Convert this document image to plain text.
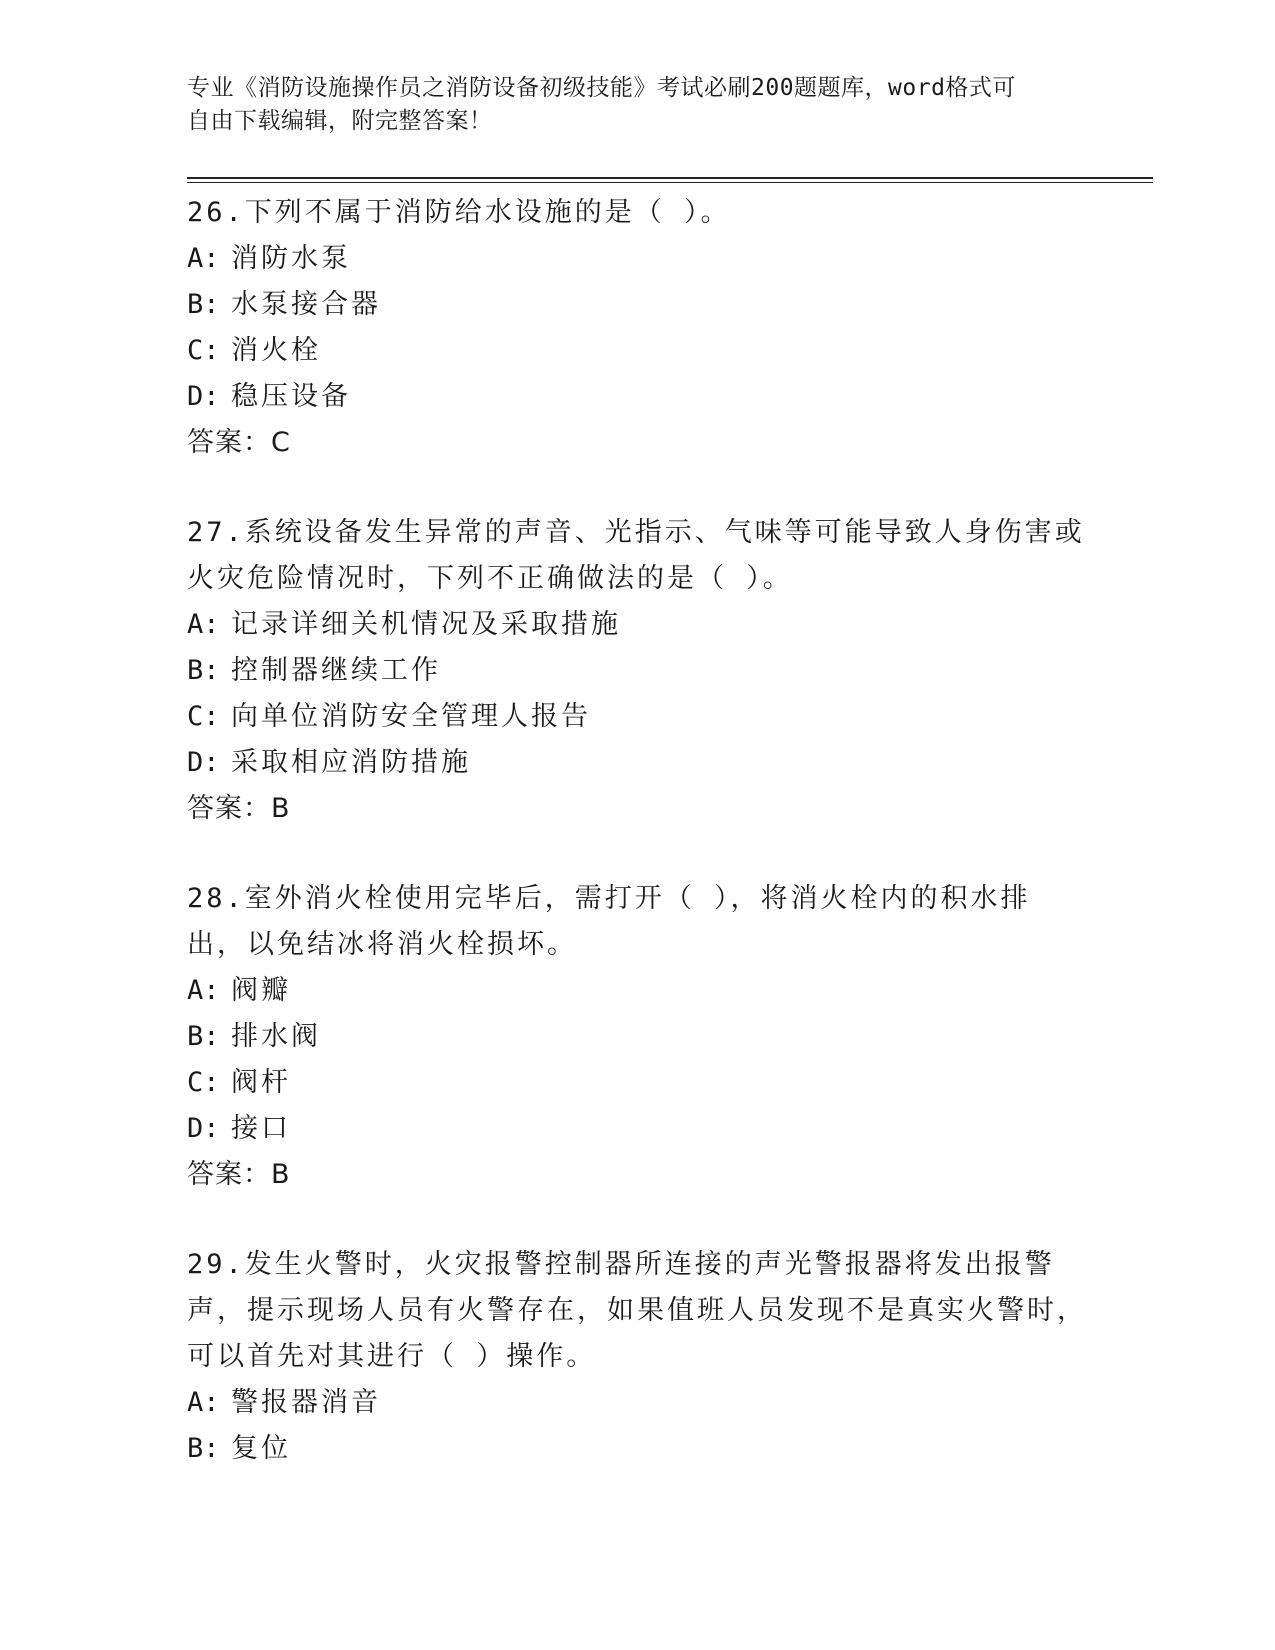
专业《消防设施操作员之消防设备初级技能》考试必刷200题题库，word格式可
自由下载编辑，附完整答案！

26.下列不属于消防给水设施的是（ ）。

A: 消防水泵

B: 水泵接合器

C: 消火栓

D: 稳压设备

答案：C

27.系统设备发生异常的声音、光指示、气味等可能导致人身伤害或火灾危险情况时，下列不正确做法的是（ ）。

A: 记录详细关机情况及采取措施

B: 控制器继续工作

C: 向单位消防安全管理人报告

D: 采取相应消防措施

答案：B

28.室外消火栓使用完毕后，需打开（ ），将消火栓内的积水排出，以免结冰将消火栓损坏。

A: 阀瓣

B: 排水阀

C: 阀杆

D: 接口

答案：B

29.发生火警时，火灾报警控制器所连接的声光警报器将发出报警声，提示现场人员有火警存在，如果值班人员发现不是真实火警时，可以首先对其进行（ ）操作。

A: 警报器消音

B: 复位
